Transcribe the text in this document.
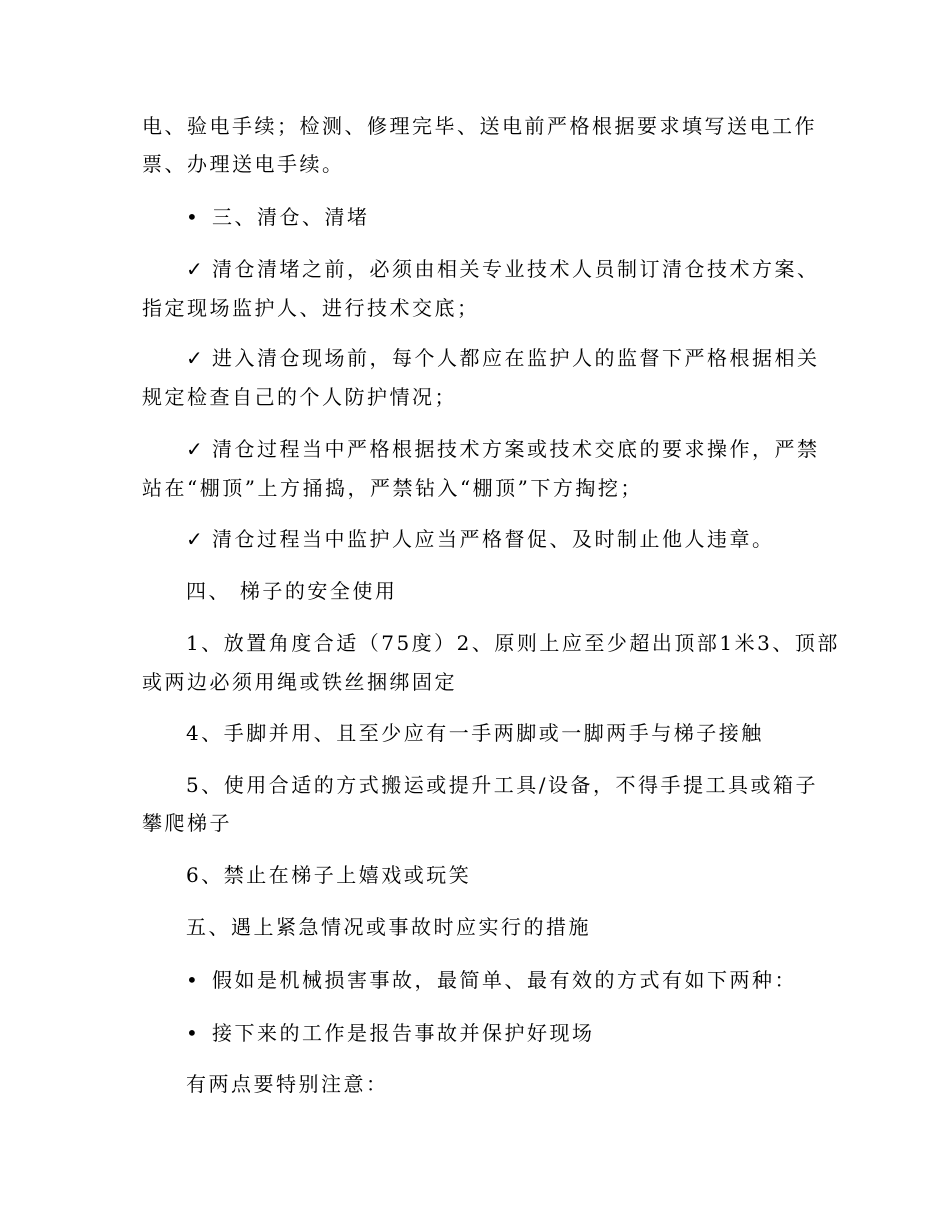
电、验电手续；检测、修理完毕、送电前严格根据要求填写送电工作
票、办理送电手续。
• 三、清仓、清堵
✓ 清仓清堵之前，必须由相关专业技术人员制订清仓技术方案、
指定现场监护人、进行技术交底；
✓ 进入清仓现场前，每个人都应在监护人的监督下严格根据相关
规定检查自己的个人防护情况；
✓ 清仓过程当中严格根据技术方案或技术交底的要求操作，严禁
站在“棚顶”上方捅捣，严禁钻入“棚顶”下方掏挖；
✓ 清仓过程当中监护人应当严格督促、及时制止他人违章。
四、 梯子的安全使用
1、放置角度合适（75度）2、原则上应至少超出顶部1米3、顶部
或两边必须用绳或铁丝捆绑固定
4、手脚并用、且至少应有一手两脚或一脚两手与梯子接触
5、使用合适的方式搬运或提升工具/设备，不得手提工具或箱子
攀爬梯子
6、禁止在梯子上嬉戏或玩笑
五、遇上紧急情况或事故时应实行的措施
• 假如是机械损害事故，最简单、最有效的方式有如下两种：
• 接下来的工作是报告事故并保护好现场
有两点要特别注意：
